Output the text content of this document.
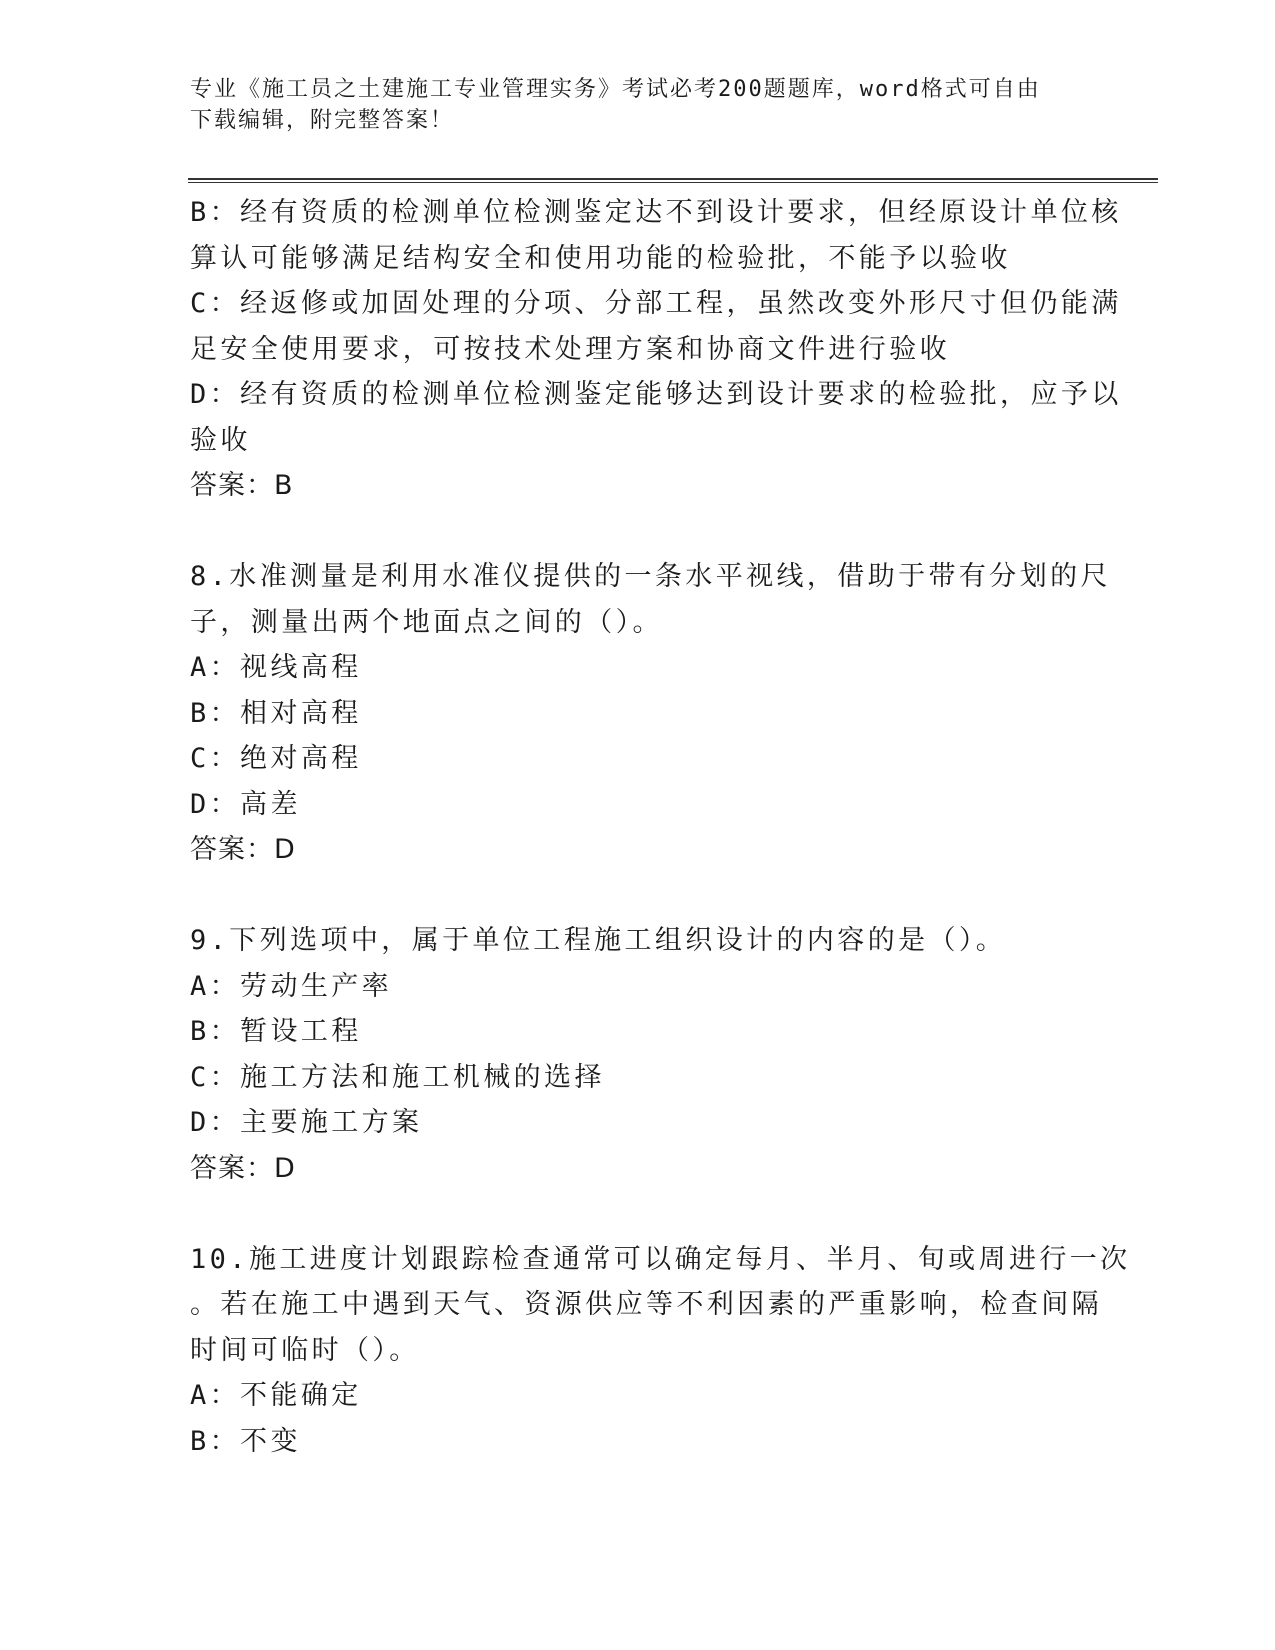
专业《施工员之土建施工专业管理实务》考试必考200题题库，word格式可自由
下载编辑，附完整答案！
B：经有资质的检测单位检测鉴定达不到设计要求，但经原设计单位核
算认可能够满足结构安全和使用功能的检验批，不能予以验收
C：经返修或加固处理的分项、分部工程，虽然改变外形尺寸但仍能满
足安全使用要求，可按技术处理方案和协商文件进行验收
D：经有资质的检测单位检测鉴定能够达到设计要求的检验批，应予以
验收
答案：B
8.水准测量是利用水准仪提供的一条水平视线，借助于带有分划的尺
子，测量出两个地面点之间的（）。
A：视线高程
B：相对高程
C：绝对高程
D：高差
答案：D
9.下列选项中，属于单位工程施工组织设计的内容的是（）。
A：劳动生产率
B：暂设工程
C：施工方法和施工机械的选择
D：主要施工方案
答案：D
10.施工进度计划跟踪检查通常可以确定每月、半月、旬或周进行一次
。若在施工中遇到天气、资源供应等不利因素的严重影响，检查间隔
时间可临时（）。
A：不能确定
B：不变
